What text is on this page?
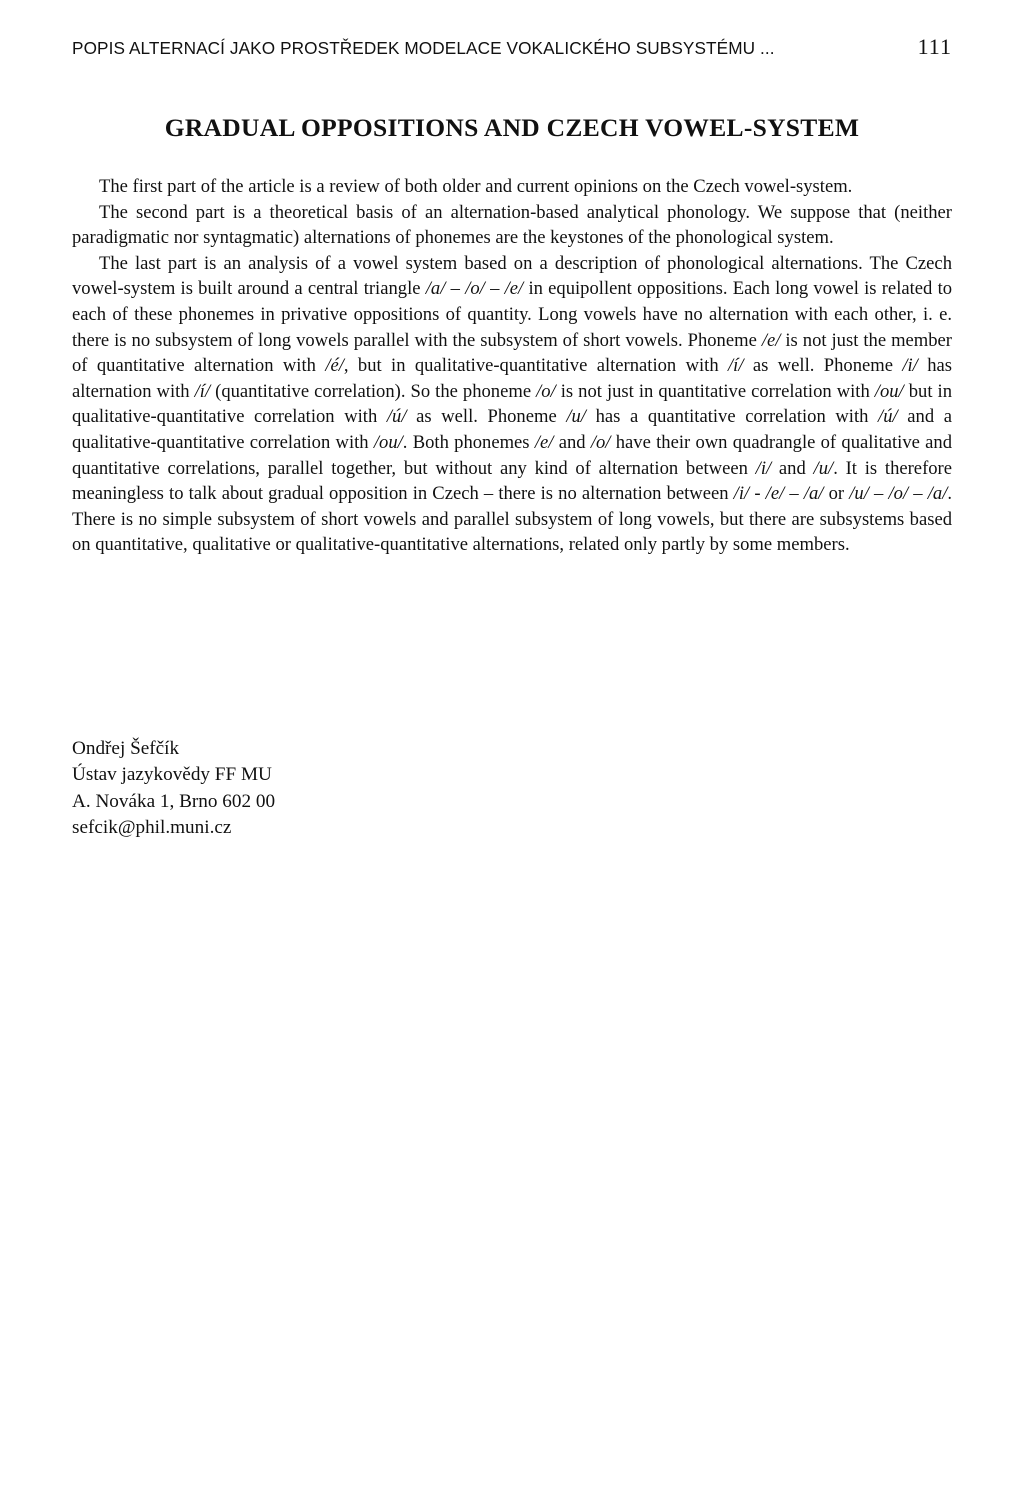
POPIS ALTERNACÍ JAKO PROSTŘEDEK MODELACE VOKALICKÉHO SUBSYSTÉMU ...	111
GRADUAL OPPOSITIONS AND CZECH VOWEL-SYSTEM

The first part of the article is a review of both older and current opinions on the Czech vowel-system.

The second part is a theoretical basis of an alternation-based analytical phonology. We suppose that (neither paradigmatic nor syntagmatic) alternations of phonemes are the keystones of the phonological system.

The last part is an analysis of a vowel system based on a description of phonological alternations. The Czech vowel-system is built around a central triangle /a/ – /o/ – /e/ in equipollent oppositions. Each long vowel is related to each of these phonemes in privative oppositions of quantity. Long vowels have no alternation with each other, i. e. there is no subsystem of long vowels parallel with the subsystem of short vowels. Phoneme /e/ is not just the member of quantitative alternation with /é/, but in qualitative-quantitative alternation with /í/ as well. Phoneme /i/ has alternation with /í/ (quantitative correlation). So the phoneme /o/ is not just in quantitative correlation with /ou/ but in qualitative-quantitative correlation with /ú/ as well. Phoneme /u/ has a quantitative correlation with /ú/ and a qualitative-quantitative correlation with /ou/. Both phonemes /e/ and /o/ have their own quadrangle of qualitative and quantitative correlations, parallel together, but without any kind of alternation between /i/ and /u/. It is therefore meaningless to talk about gradual opposition in Czech – there is no alternation between /i/ - /e/ – /a/ or /u/ – /o/ – /a/. There is no simple subsystem of short vowels and parallel subsystem of long vowels, but there are subsystems based on quantitative, qualitative or qualitative-quantitative alternations, related only partly by some members.

Ondřej Šefčík
Ústav jazykovědy FF MU
A. Nováka 1, Brno 602 00
sefcik@phil.muni.cz
